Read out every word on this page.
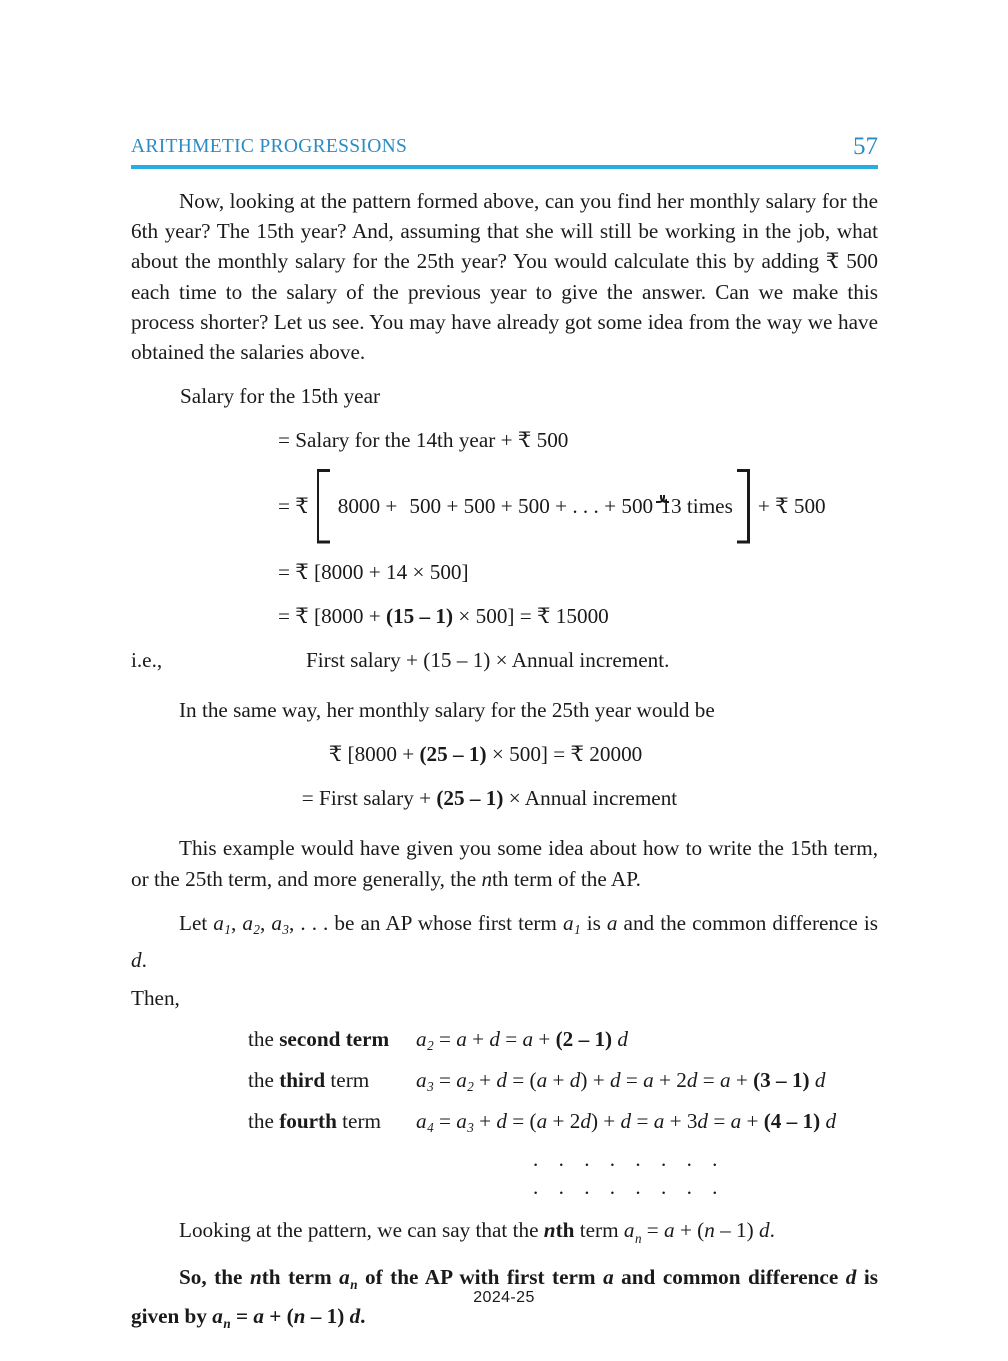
ARITHMETIC PROGRESSIONS	57

Now, looking at the pattern formed above, can you find her monthly salary for the 6th year? The 15th year? And, assuming that she will still be working in the job, what about the monthly salary for the 25th year? You would calculate this by adding ₹ 500 each time to the salary of the previous year to give the answer. Can we make this process shorter? Let us see. You may have already got some idea from the way we have obtained the salaries above.

Salary for the 15th year
= Salary for the 14th year + ₹ 500
= ₹	8000 + 500 + 500 + 500 + . . . + 500 13 times	+ ₹ 500
= ₹ [8000 + 14 × 500]
= ₹ [8000 + (15 – 1) × 500] = ₹ 15000
i.e.,	First salary + (15 – 1) × Annual increment.

In the same way, her monthly salary for the 25th year would be

₹ [8000 + (25 – 1) × 500] = ₹ 20000
= First salary + (25 – 1) × Annual increment

This example would have given you some idea about how to write the 15th term, or the 25th term, and more generally, the nth term of the AP.

Let $a_1$, $a_2$, $a_3$, . . . be an AP whose first term $a_1$ is a and the common difference is d.

Then,

the second term $a_2 = a + d = a + (2 - 1)$ d
the third term $a_3 = a_2 + d = (a + d) + d = a + 2d = a + (3 - 1)$ d
the fourth term $a_4 = a_3 + d = (a + 2d) + d = a + 3d = a + (4 - 1)$ d
. . . . . . . .
. . . . . . . .

Looking at the pattern, we can say that the nth term $a_n = a + (n - 1)$ d.

So, the nth term $a_n$ of the AP with first term a and common difference d is given by $a_n = a + (n - 1)$ d.

2024-25
